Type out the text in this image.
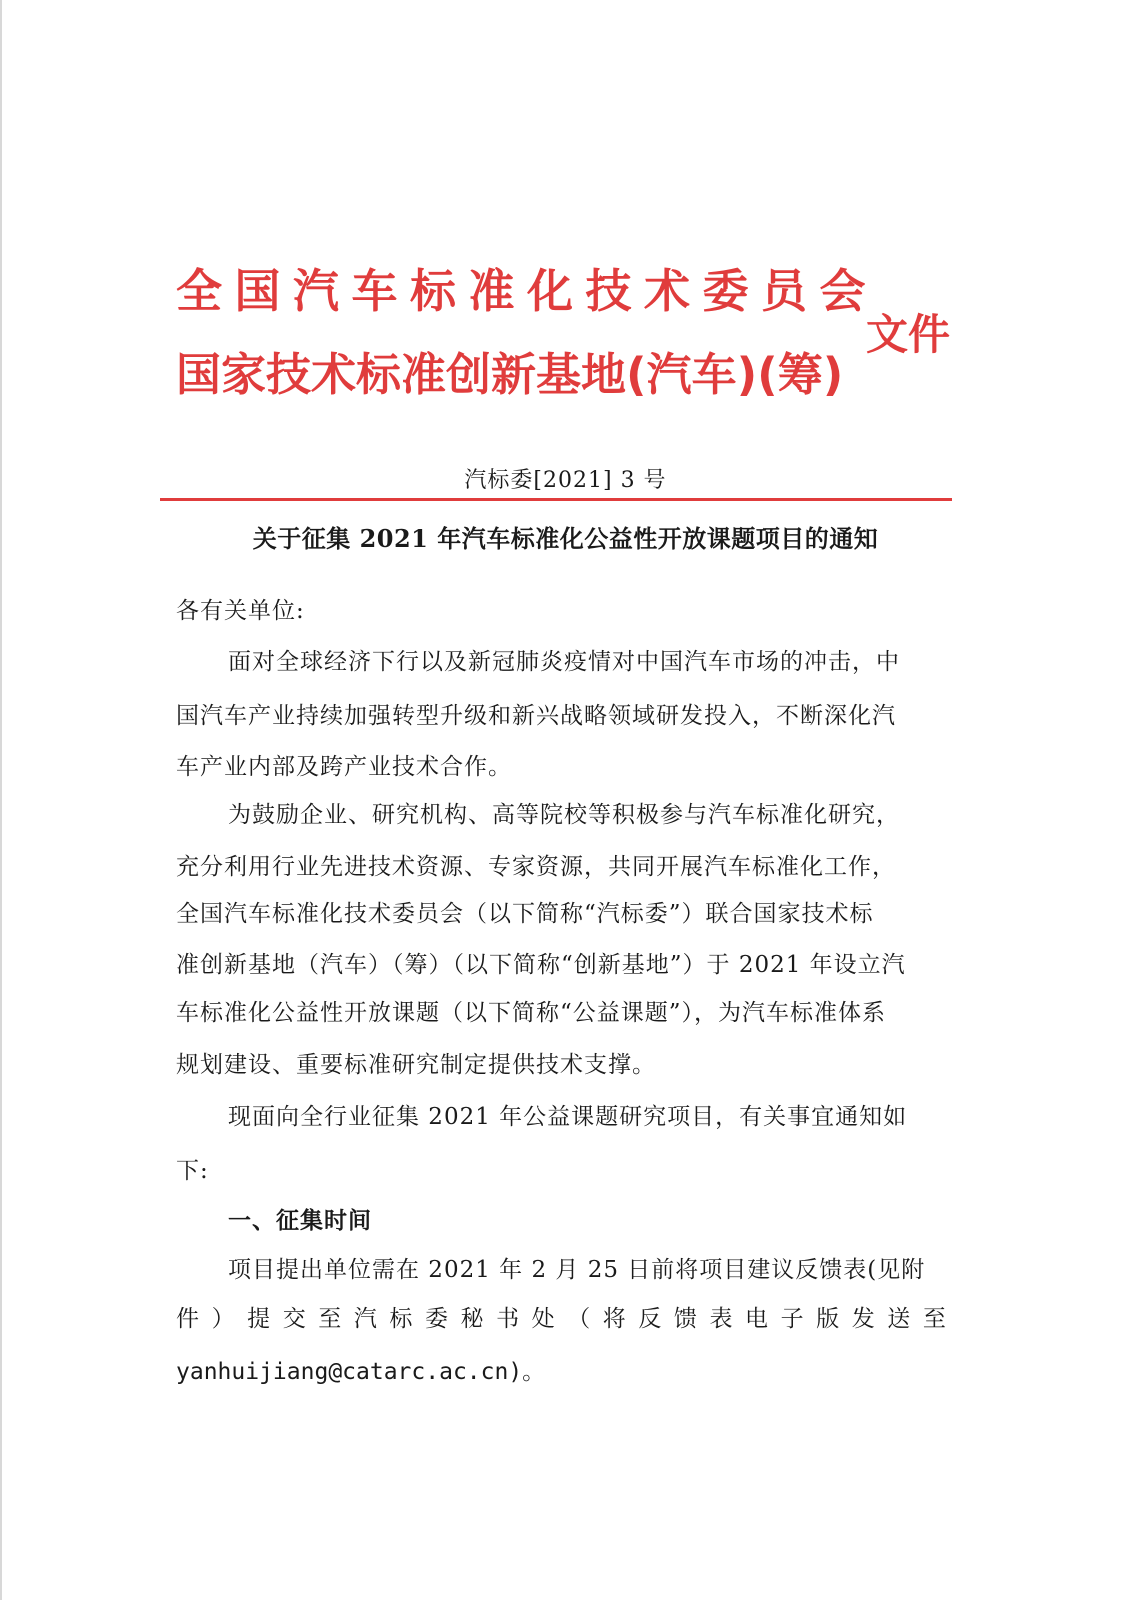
全国汽车标准化技术委员会
国家技术标准创新基地(汽车)(筹)
文件
汽标委[2021] 3 号
关于征集 2021 年汽车标准化公益性开放课题项目的通知
各有关单位:
面对全球经济下行以及新冠肺炎疫情对中国汽车市场的冲击，中
国汽车产业持续加强转型升级和新兴战略领域研发投入，不断深化汽
车产业内部及跨产业技术合作。
为鼓励企业、研究机构、高等院校等积极参与汽车标准化研究，
充分利用行业先进技术资源、专家资源，共同开展汽车标准化工作，
全国汽车标准化技术委员会（以下简称“汽标委”）联合国家技术标
准创新基地（汽车）（筹）（以下简称“创新基地”）于 2021 年设立汽
车标准化公益性开放课题（以下简称“公益课题”），为汽车标准体系
规划建设、重要标准研究制定提供技术支撑。
现面向全行业征集 2021 年公益课题研究项目，有关事宜通知如
下:
一、征集时间
项目提出单位需在 2021 年 2 月 25 日前将项目建议反馈表(见附
件 ） 提 交 至 汽 标 委 秘 书 处 （ 将 反 馈 表 电 子 版 发 送 至
yanhuijiang@catarc.ac.cn)。
